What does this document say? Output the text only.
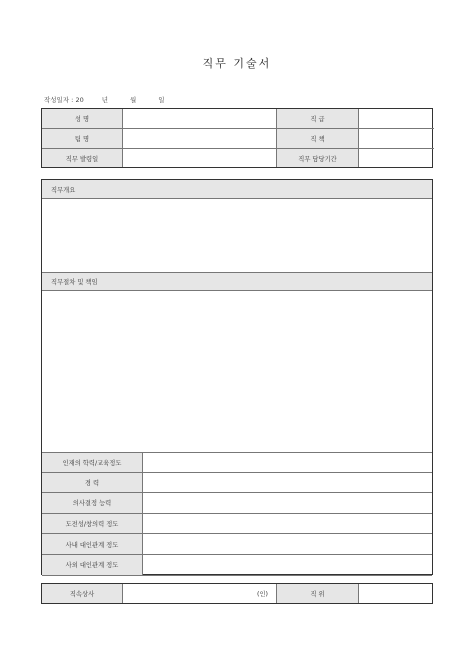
직무 기술서
작성일자 : 20	년	월	일
성 명	직 급
팀 명	직 책
직무 발령일	직무 담당기간
직무개요
직무절차 및 책임
인재의 학력/교육정도
경 력
의사결정 능력
도전성/창의력 정도
사내 대인관계 정도
사외 대인관계 정도
직속상사	(인)	직 위
